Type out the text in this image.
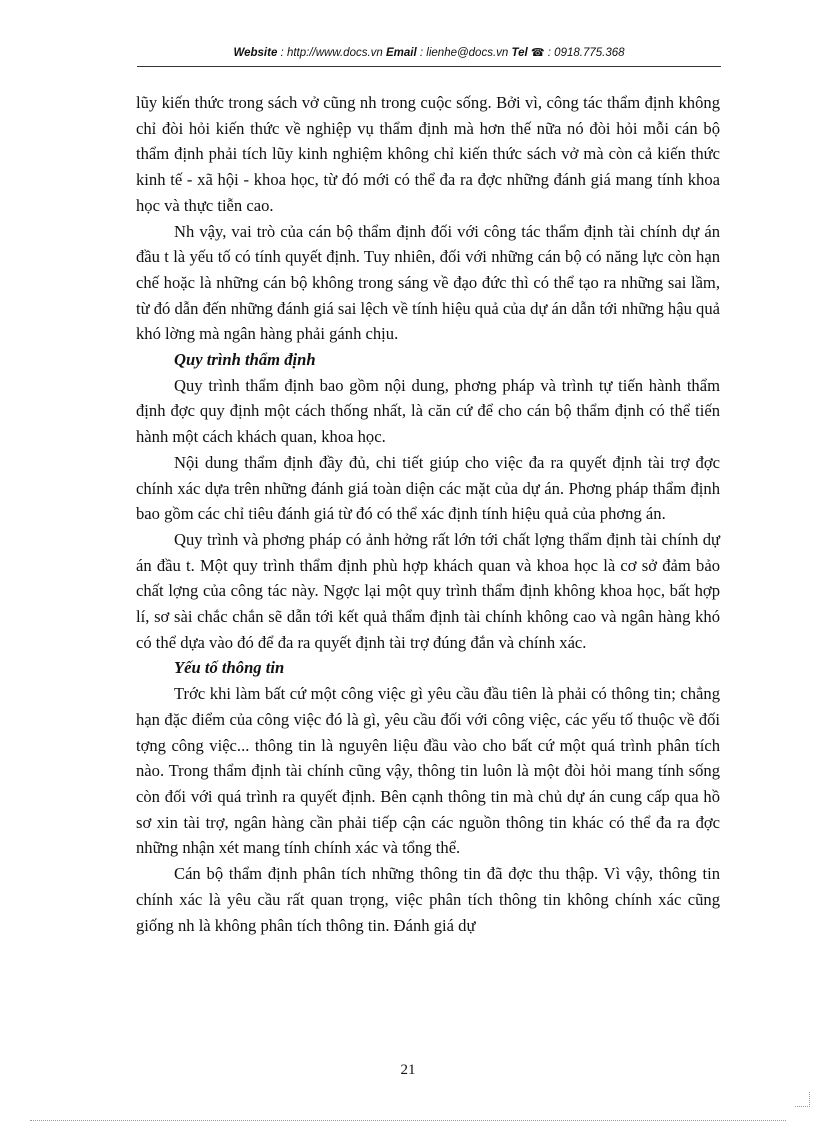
Website : http://www.docs.vn Email : lienhe@docs.vn Tel ☎ : 0918.775.368

lũy kiến thức trong sách vở cũng nh trong cuộc sống. Bởi vì, công tác thẩm định không chỉ đòi hỏi kiến thức về nghiệp vụ thẩm định mà hơn thế nữa nó đòi hỏi mỗi cán bộ thẩm định phải tích lũy kinh nghiệm không chỉ kiến thức sách vở mà còn cả kiến thức kinh tế - xã hội - khoa học, từ đó mới có thể đa ra đợc những đánh giá mang tính khoa học và thực tiễn cao.

Nh vậy, vai trò của cán bộ thẩm định đối với công tác thẩm định tài chính dự án đầu t là yếu tố có tính quyết định. Tuy nhiên, đối với những cán bộ có năng lực còn hạn chế hoặc là những cán bộ không trong sáng về đạo đức thì có thể tạo ra những sai lầm, từ đó dẫn đến những đánh giá sai lệch về tính hiệu quả của dự án dẫn tới những hậu quả khó lờng mà ngân hàng phải gánh chịu.

Quy trình thẩm định

Quy trình thẩm định bao gồm nội dung, phơng pháp và trình tự tiến hành thẩm định đợc quy định một cách thống nhất, là căn cứ để cho cán bộ thẩm định có thể tiến hành một cách khách quan, khoa học.

Nội dung thẩm định đầy đủ, chi tiết giúp cho việc đa ra quyết định tài trợ đợc chính xác dựa trên những đánh giá toàn diện các mặt của dự án. Phơng pháp thẩm định bao gồm các chỉ tiêu đánh giá từ đó có thể xác định tính hiệu quả của phơng án.

Quy trình và phơng pháp có ảnh hởng rất lớn tới chất lợng thẩm định tài chính dự án đầu t. Một quy trình thẩm định phù hợp khách quan và khoa học là cơ sở đảm bảo chất lợng của công tác này. Ngợc lại một quy trình thẩm định không khoa học, bất hợp lí, sơ sài chắc chắn sẽ dẫn tới kết quả thẩm định tài chính không cao và ngân hàng khó có thể dựa vào đó để đa ra quyết định tài trợ đúng đắn và chính xác.

Yếu tố thông tin

Trớc khi làm bất cứ một công việc gì yêu cầu đầu tiên là phải có thông tin; chẳng hạn đặc điểm của công việc đó là gì, yêu cầu đối với công việc, các yếu tố thuộc về đối tợng công việc... thông tin là nguyên liệu đầu vào cho bất cứ một quá trình phân tích nào. Trong thẩm định tài chính cũng vậy, thông tin luôn là một đòi hỏi mang tính sống còn đối với quá trình ra quyết định. Bên cạnh thông tin mà chủ dự án cung cấp qua hồ sơ xin tài trợ, ngân hàng cần phải tiếp cận các nguồn thông tin khác có thể đa ra đợc những nhận xét mang tính chính xác và tổng thể.

Cán bộ thẩm định phân tích những thông tin đã đợc thu thập. Vì vậy, thông tin chính xác là yêu cầu rất quan trọng, việc phân tích thông tin không chính xác cũng giống nh là không phân tích thông tin. Đánh giá dự

21
